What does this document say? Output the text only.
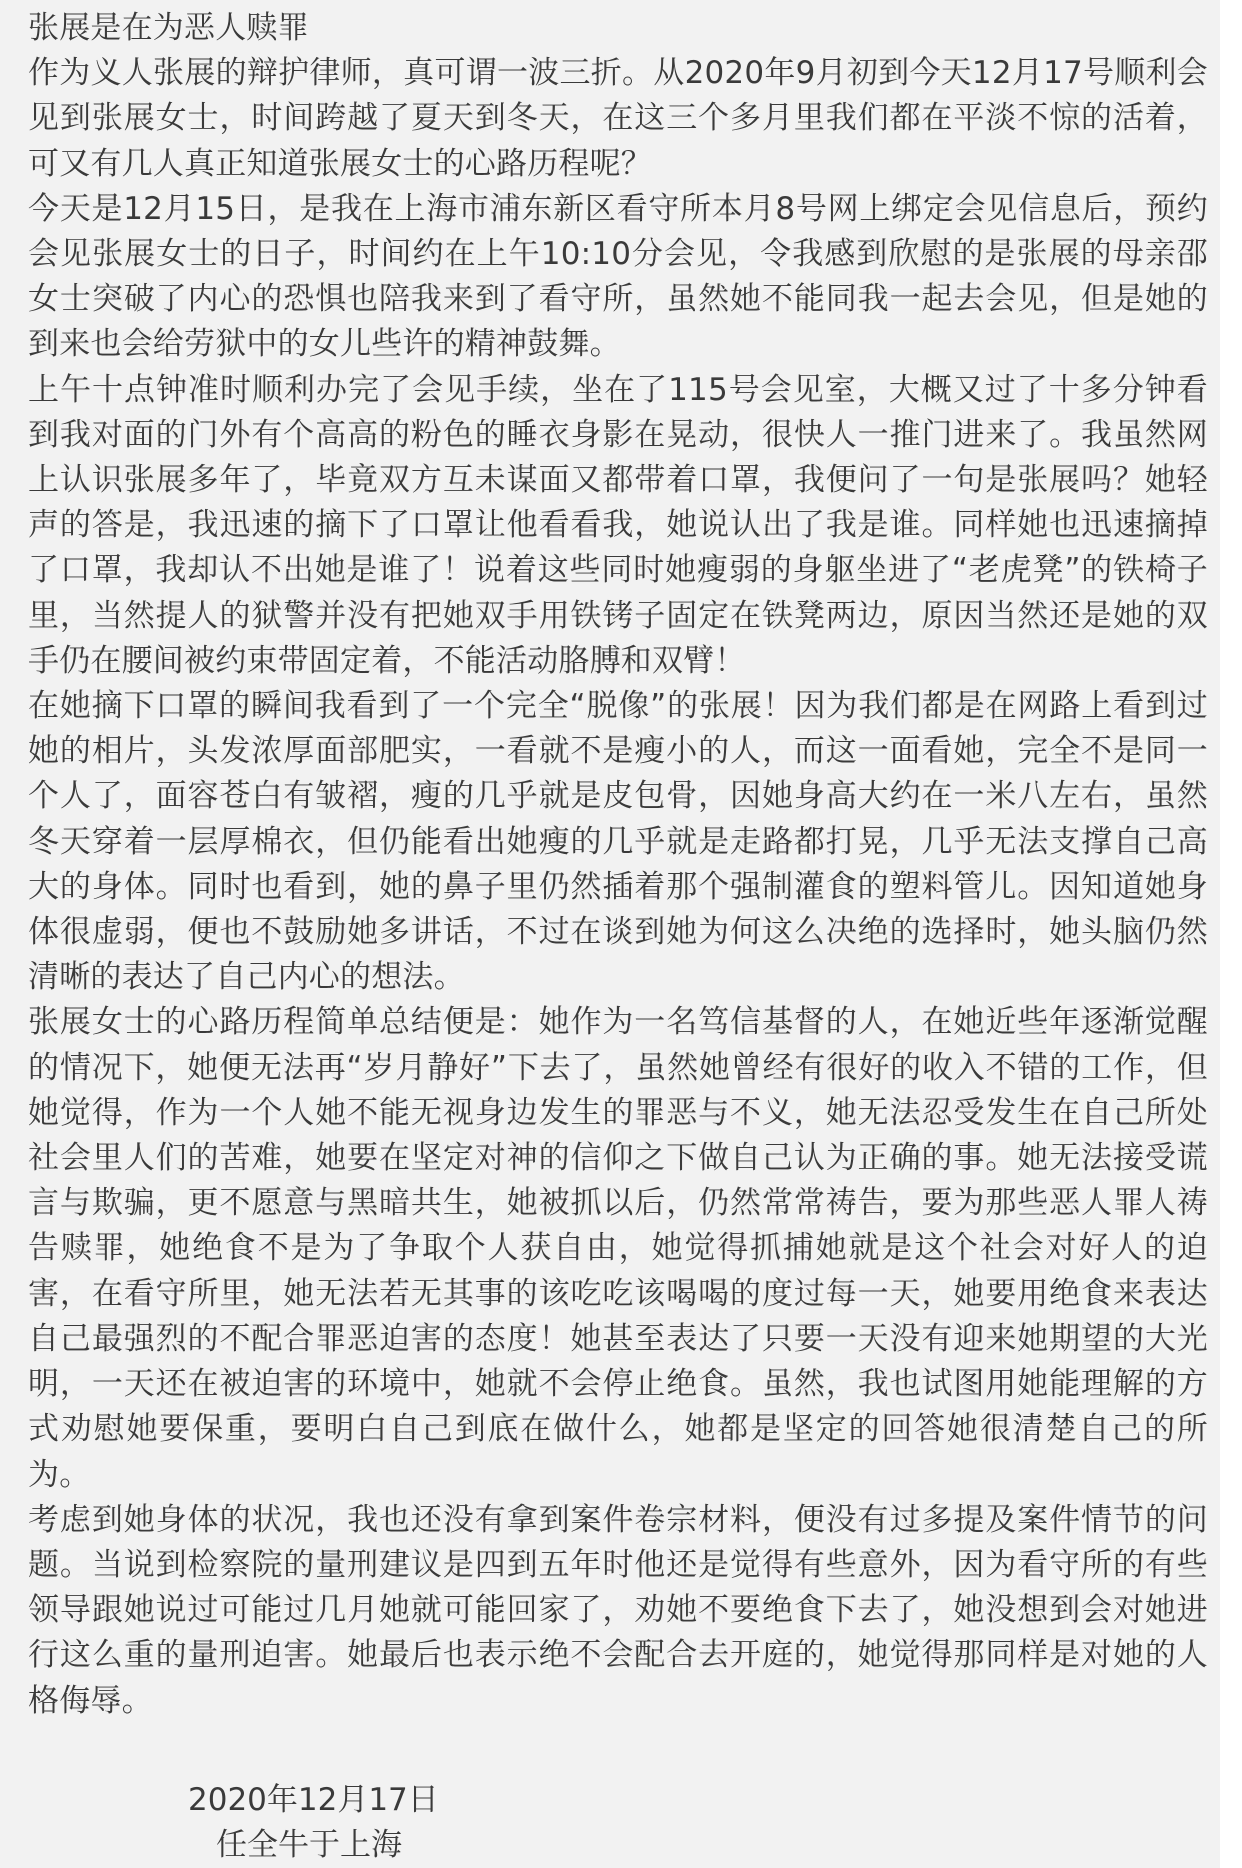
张展是在为恶人赎罪

作为义人张展的辩护律师，真可谓一波三折。从2020年9月初到今天12月17号顺利会见到张展女士，时间跨越了夏天到冬天，在这三个多月里我们都在平淡不惊的活着，可又有几人真正知道张展女士的心路历程呢？

今天是12月15日，是我在上海市浦东新区看守所本月8号网上绑定会见信息后，预约会见张展女士的日子，时间约在上午10:10分会见，令我感到欣慰的是张展的母亲邵女士突破了内心的恐惧也陪我来到了看守所，虽然她不能同我一起去会见，但是她的到来也会给劳狱中的女儿些许的精神鼓舞。

上午十点钟准时顺利办完了会见手续，坐在了115号会见室，大概又过了十多分钟看到我对面的门外有个高高的粉色的睡衣身影在晃动，很快人一推门进来了。我虽然网上认识张展多年了，毕竟双方互未谋面又都带着口罩，我便问了一句是张展吗？她轻声的答是，我迅速的摘下了口罩让他看看我，她说认出了我是谁。同样她也迅速摘掉了口罩，我却认不出她是谁了！说着这些同时她瘦弱的身躯坐进了“老虎凳”的铁椅子里，当然提人的狱警并没有把她双手用铁铐子固定在铁凳两边，原因当然还是她的双手仍在腰间被约束带固定着，不能活动胳膊和双臂！

在她摘下口罩的瞬间我看到了一个完全“脱像”的张展！因为我们都是在网路上看到过她的相片，头发浓厚面部肥实，一看就不是瘦小的人，而这一面看她，完全不是同一个人了，面容苍白有皱褶，瘦的几乎就是皮包骨，因她身高大约在一米八左右，虽然冬天穿着一层厚棉衣，但仍能看出她瘦的几乎就是走路都打晃，几乎无法支撑自己高大的身体。同时也看到，她的鼻子里仍然插着那个强制灌食的塑料管儿。因知道她身体很虚弱，便也不鼓励她多讲话，不过在谈到她为何这么决绝的选择时，她头脑仍然清晰的表达了自己内心的想法。

张展女士的心路历程简单总结便是：她作为一名笃信基督的人，在她近些年逐渐觉醒的情况下，她便无法再“岁月静好”下去了，虽然她曾经有很好的收入不错的工作，但她觉得，作为一个人她不能无视身边发生的罪恶与不义，她无法忍受发生在自己所处社会里人们的苦难，她要在坚定对神的信仰之下做自己认为正确的事。她无法接受谎言与欺骗，更不愿意与黑暗共生，她被抓以后，仍然常常祷告，要为那些恶人罪人祷告赎罪，她绝食不是为了争取个人获自由，她觉得抓捕她就是这个社会对好人的迫害，在看守所里，她无法若无其事的该吃吃该喝喝的度过每一天，她要用绝食来表达自己最强烈的不配合罪恶迫害的态度！她甚至表达了只要一天没有迎来她期望的大光明，一天还在被迫害的环境中，她就不会停止绝食。虽然，我也试图用她能理解的方式劝慰她要保重，要明白自己到底在做什么，她都是坚定的回答她很清楚自己的所为。

考虑到她身体的状况，我也还没有拿到案件卷宗材料，便没有过多提及案件情节的问题。当说到检察院的量刑建议是四到五年时他还是觉得有些意外，因为看守所的有些领导跟她说过可能过几月她就可能回家了，劝她不要绝食下去了，她没想到会对她进行这么重的量刑迫害。她最后也表示绝不会配合去开庭的，她觉得那同样是对她的人格侮辱。

2020年12月17日

任全牛于上海
